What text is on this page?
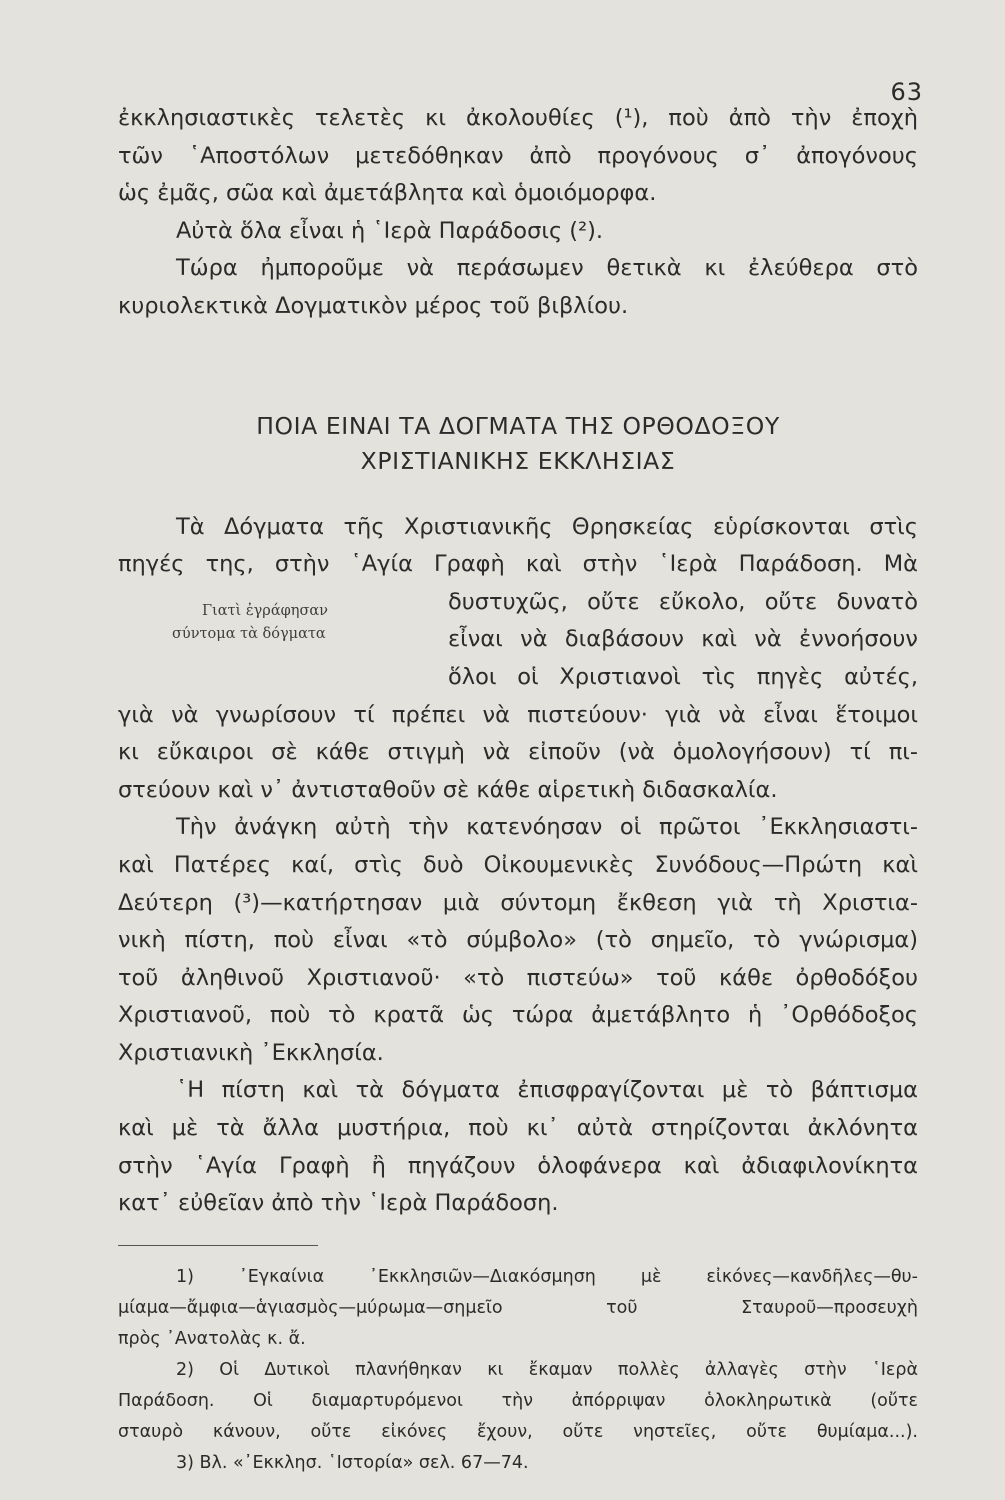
63
ἐκκλησιαστικὲς τελετὲς κι ἀκολουθίες (¹), ποὺ ἀπὸ τὴν ἐποχὴ
τῶν ῾Αποστόλων μετεδόθηκαν ἀπὸ προγόνους σ᾽ ἀπογόνους
ὡς ἐμᾶς, σῶα καὶ ἀμετάβλητα καὶ ὁμοιόμορφα.
Αὐτὰ ὅλα εἶναι ἡ ῾Ιερὰ Παράδοσις (²).
Τώρα ἠμποροῦμε νὰ περάσωμεν θετικὰ κι ἐλεύθερα στὸ
κυριολεκτικὰ Δογματικὸν μέρος τοῦ βιβλίου.
ΠΟΙΑ ΕΙΝΑΙ ΤΑ ΔΟΓΜΑΤΑ ΤΗΣ ΟΡΘΟΔΟΞΟΥ
ΧΡΙΣΤΙΑΝΙΚΗΣ ΕΚΚΛΗΣΙΑΣ
Τὰ Δόγματα τῆς Χριστιανικῆς Θρησκείας εὑρίσκονται στὶς
πηγές της, στὴν ῾Αγία Γραφὴ καὶ στὴν ῾Ιερὰ Παράδοση. Μὰ
Γιατὶ ἐγράφησαν
σύντομα τὰ δόγματα
δυστυχῶς, οὔτε εὔκολο, οὔτε δυνατὸ
εἶναι νὰ διαβάσουν καὶ νὰ ἐννοήσουν
ὅλοι οἱ Χριστιανοὶ τὶς πηγὲς αὐτές,
γιὰ νὰ γνωρίσουν τί πρέπει νὰ πιστεύουν· γιὰ νὰ εἶναι ἕτοιμοι
κι εὔκαιροι σὲ κάθε στιγμὴ νὰ εἰποῦν (νὰ ὁμολογήσουν) τί πι-
στεύουν καὶ ν᾽ ἀντισταθοῦν σὲ κάθε αἱρετικὴ διδασκαλία.
Τὴν ἀνάγκη αὐτὴ τὴν κατενόησαν οἱ πρῶτοι ᾿Εκκλησιαστι-
καὶ Πατέρες καί, στὶς δυὸ Οἰκουμενικὲς Συνόδους—Πρώτη καὶ
Δεύτερη (³)—κατήρτησαν μιὰ σύντομη ἔκθεση γιὰ τὴ Χριστια-
νικὴ πίστη, ποὺ εἶναι «τὸ σύμβολο» (τὸ σημεῖο, τὸ γνώρισμα)
τοῦ ἀληθινοῦ Χριστιανοῦ· «τὸ πιστεύω» τοῦ κάθε ὀρθοδόξου
Χριστιανοῦ, ποὺ τὸ κρατᾶ ὡς τώρα ἀμετάβλητο ἡ ᾿Ορθόδοξος
Χριστιανικὴ ᾿Εκκλησία.
῾Η πίστη καὶ τὰ δόγματα ἐπισφραγίζονται μὲ τὸ βάπτισμα
καὶ μὲ τὰ ἄλλα μυστήρια, ποὺ κι᾽ αὐτὰ στηρίζονται ἀκλόνητα
στὴν ῾Αγία Γραφὴ ἢ πηγάζουν ὁλοφάνερα καὶ ἀδιαφιλονίκητα
κατ᾽ εὐθεῖαν ἀπὸ τὴν ῾Ιερὰ Παράδοση.
1) ᾿Εγκαίνια ᾿Εκκλησιῶν—Διακόσμηση μὲ εἰκόνες—κανδῆλες—θυ-
μίαμα—ἄμφια—ἁγιασμὸς—μύρωμα—σημεῖο τοῦ Σταυροῦ—προσευχὴ
πρὸς ᾿Ανατολὰς κ. ἄ.
2) Οἱ Δυτικοὶ πλανήθηκαν κι ἔκαμαν πολλὲς ἀλλαγὲς στὴν ῾Ιερὰ
Παράδοση. Οἱ διαμαρτυρόμενοι τὴν ἀπόρριψαν ὁλοκληρωτικὰ (οὔτε
σταυρὸ κάνουν, οὔτε εἰκόνες ἔχουν, οὔτε νηστεῖες, οὔτε θυμίαμα...).
3) Βλ. «᾿Εκκλησ. ῾Ιστορία» σελ. 67—74.
